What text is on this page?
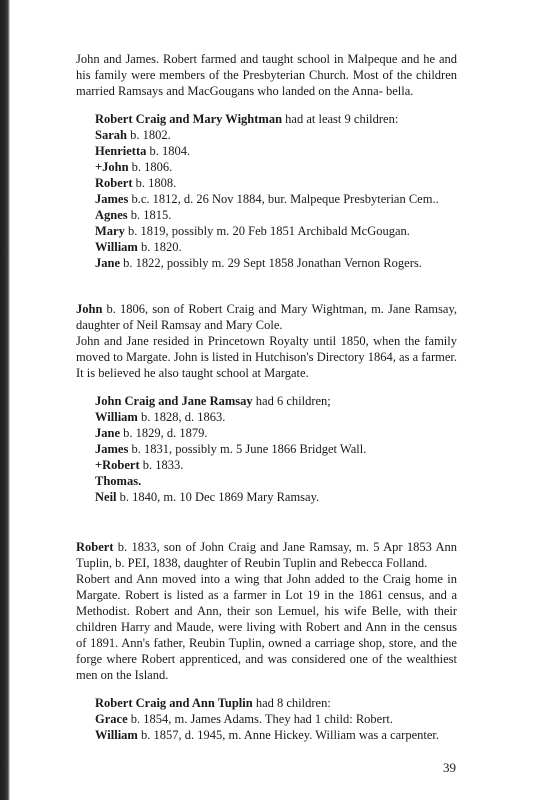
John and James. Robert farmed and taught school in Malpeque and he and his family were members of the Presbyterian Church. Most of the children married Ramsays and MacGougans who landed on the Anna- bella.

Robert Craig and Mary Wightman had at least 9 children:
Sarah b. 1802.
Henrietta b. 1804.
+John b. 1806.
Robert b. 1808.
James b.c. 1812, d. 26 Nov 1884, bur. Malpeque Presbyterian Cem..
Agnes b. 1815.
Mary b. 1819, possibly m. 20 Feb 1851 Archibald McGougan.
William b. 1820.
Jane b. 1822, possibly m. 29 Sept 1858 Jonathan Vernon Rogers.

John b. 1806, son of Robert Craig and Mary Wightman, m. Jane Ramsay, daughter of Neil Ramsay and Mary Cole.

John and Jane resided in Princetown Royalty until 1850, when the family moved to Margate. John is listed in Hutchison's Directory 1864, as a farmer. It is believed he also taught school at Margate.

John Craig and Jane Ramsay had 6 children;
William b. 1828, d. 1863.
Jane b. 1829, d. 1879.
James b. 1831, possibly m. 5 June 1866 Bridget Wall.
+Robert b. 1833.
Thomas.
Neil b. 1840, m. 10 Dec 1869 Mary Ramsay.

Robert b. 1833, son of John Craig and Jane Ramsay, m. 5 Apr 1853 Ann Tuplin, b. PEI, 1838, daughter of Reubin Tuplin and Rebecca Folland.

Robert and Ann moved into a wing that John added to the Craig home in Margate. Robert is listed as a farmer in Lot 19 in the 1861 census, and a Methodist. Robert and Ann, their son Lemuel, his wife Belle, with their children Harry and Maude, were living with Robert and Ann in the census of 1891. Ann's father, Reubin Tuplin, owned a carriage shop, store, and the forge where Robert apprenticed, and was considered one of the wealthiest men on the Island.

Robert Craig and Ann Tuplin had 8 children:
Grace b. 1854, m. James Adams. They had 1 child: Robert.
William b. 1857, d. 1945, m. Anne Hickey. William was a carpenter.
39
